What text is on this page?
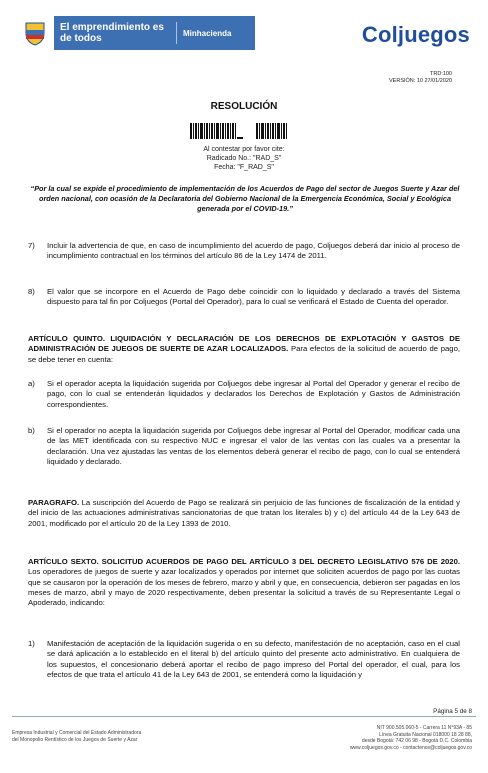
El emprendimiento es de todos	Minhacienda	Coljuegos
TRD:100
VERSIÓN: 10 27/01/2020
RESOLUCIÓN
Al contestar por favor cite:
Radicado No.: "RAD_S"
Fecha: "F_RAD_S"
“Por la cual se expide el procedimiento de implementación de los Acuerdos de Pago del sector de Juegos Suerte y Azar del orden nacional, con ocasión de la Declaratoria del Gobierno Nacional de la Emergencia Económica, Social y Ecológica generada por el COVID-19.”
7) Incluir la advertencia de que, en caso de incumplimiento del acuerdo de pago, Coljuegos deberá dar inicio al proceso de incumplimiento contractual en los términos del artículo 86 de la Ley 1474 de 2011.
8) El valor que se incorpore en el Acuerdo de Pago debe coincidir con lo liquidado y declarado a través del Sistema dispuesto para tal fin por Coljuegos (Portal del Operador), para lo cual se verificará el Estado de Cuenta del operador.
ARTÍCULO QUINTO. LIQUIDACIÓN Y DECLARACIÓN DE LOS DERECHOS DE EXPLOTACIÓN Y GASTOS DE ADMINISTRACIÓN DE JUEGOS DE SUERTE DE AZAR LOCALIZADOS. Para efectos de la solicitud de acuerdo de pago, se debe tener en cuenta:
a) Si el operador acepta la liquidación sugerida por Coljuegos debe ingresar al Portal del Operador y generar el recibo de pago, con lo cual se entenderán liquidados y declarados los Derechos de Explotación y Gastos de Administración correspondientes.
b) Si el operador no acepta la liquidación sugerida por Coljuegos debe ingresar al Portal del Operador, modificar cada una de las MET identificada con su respectivo NUC e ingresar el valor de las ventas con las cuales va a presentar la declaración. Una vez ajustadas las ventas de los elementos deberá generar el recibo de pago, con lo cual se entenderá liquidado y declarado.
PARAGRAFO. La suscripción del Acuerdo de Pago se realizará sin perjuicio de las funciones de fiscalización de la entidad y del inicio de las actuaciones administrativas sancionatorias de que tratan los literales b) y c) del artículo 44 de la Ley 643 de 2001, modificado por el artículo 20 de la Ley 1393 de 2010.
ARTÍCULO SEXTO. SOLICITUD ACUERDOS DE PAGO DEL ARTÍCULO 3 DEL DECRETO LEGISLATIVO 576 DE 2020. Los operadores de juegos de suerte y azar localizados y operados por internet que soliciten acuerdos de pago por las cuotas que se causaron por la operación de los meses de febrero, marzo y abril y que, en consecuencia, debieron ser pagadas en los meses de marzo, abril y mayo de 2020 respectivamente, deben presentar la solicitud a través de su Representante Legal o Apoderado, indicando:
1) Manifestación de aceptación de la liquidación sugerida o en su defecto, manifestación de no aceptación, caso en el cual se dará aplicación a lo establecido en el literal b) del artículo quinto del presente acto administrativo. En cualquiera de los supuestos, el concesionario deberá aportar el recibo de pago impreso del Portal del operador, el cual, para los efectos de que trata el artículo 41 de la Ley 643 de 2001, se entenderá como la liquidación y
Página 5 de 8
Empresa Industrial y Comercial del Estado Administradora
del Monopolio Rentístico de los Juegos de Suerte y Azar
NIT 900.505.060-5 - Carrera 11 N°93A - 85
Línea Gratuita Nacional 018000 18 28 88,
desde Bogotá: 742 06 98 - Bogotá D.C. Colombia
www.coljuegos.gov.co - contactenos@coljuegos.gov.co
